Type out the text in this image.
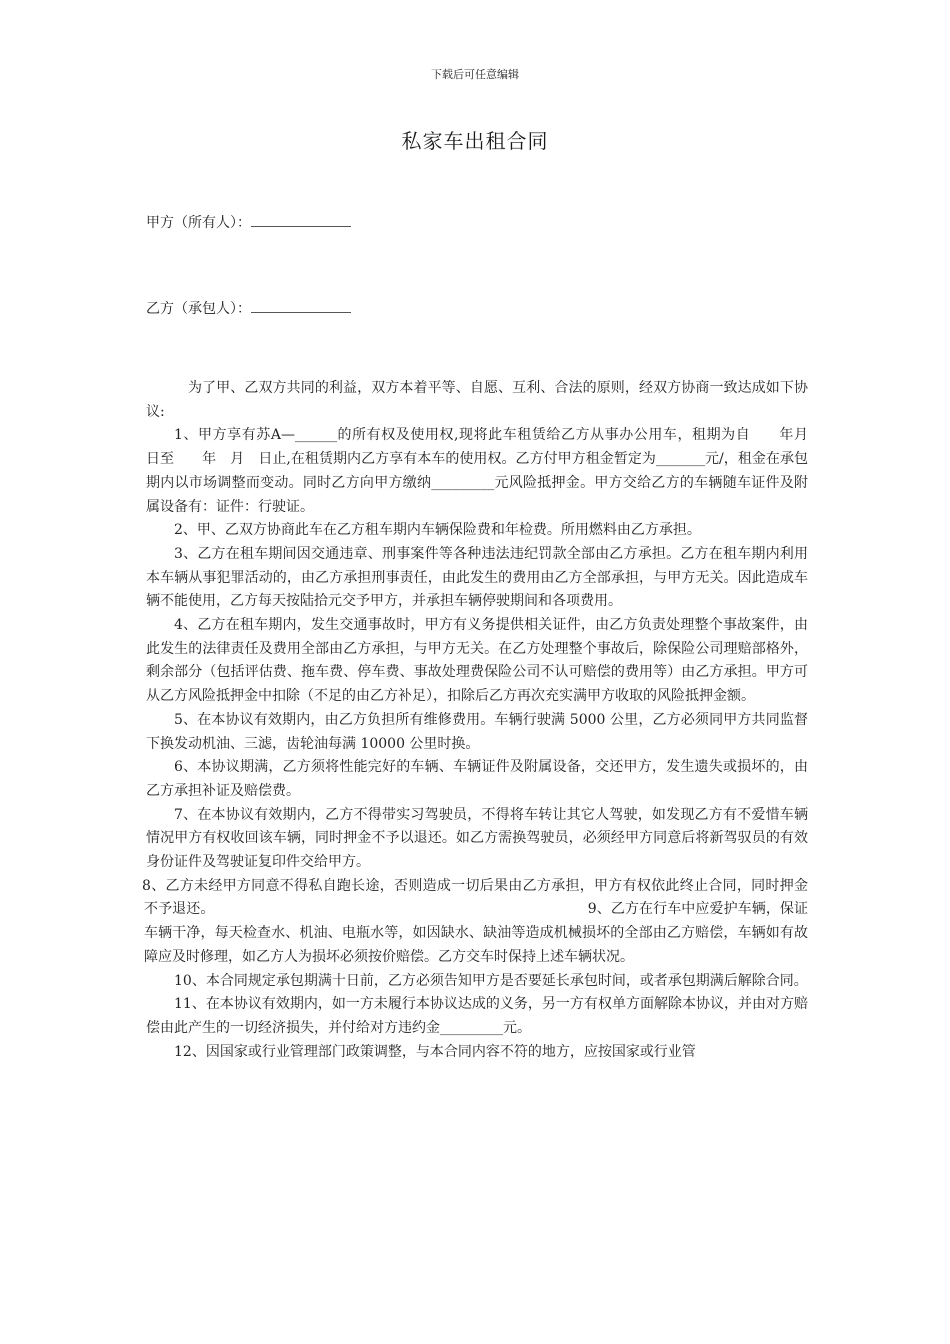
下载后可任意编辑
私家车出租合同
甲方（所有人）：
乙方（承包人）：

为了甲、乙双方共同的利益，双方本着平等、自愿、互利、合法的原则，经双方协商一致达成如下协议:

1、甲方享有苏A—______的所有权及使用权,现将此车租赁给乙方从事办公用车，租期为自　　年月　日至　　年　月　日止,在租赁期内乙方享有本车的使用权。乙方付甲方租金暂定为_______元/，租金在承包期内以市场调整而变动。同时乙方向甲方缴纳_________元风险抵押金。甲方交给乙方的车辆随车证件及附属设备有：证件：行驶证。

2、甲、乙双方协商此车在乙方租车期内车辆保险费和年检费。所用燃料由乙方承担。

3、乙方在租车期间因交通违章、刑事案件等各种违法违纪罚款全部由乙方承担。乙方在租车期内利用本车辆从事犯罪活动的，由乙方承担刑事责任，由此发生的费用由乙方全部承担，与甲方无关。因此造成车辆不能使用，乙方每天按陆拾元交予甲方，并承担车辆停驶期间和各项费用。

4、乙方在租车期内，发生交通事故时，甲方有义务提供相关证件，由乙方负责处理整个事故案件，由此发生的法律责任及费用全部由乙方承担，与甲方无关。在乙方处理整个事故后，除保险公司理赔部格外，剩余部分（包括评估费、拖车费、停车费、事故处理费保险公司不认可赔偿的费用等）由乙方承担。甲方可从乙方风险抵押金中扣除（不足的由乙方补足），扣除后乙方再次充实满甲方收取的风险抵押金额。

5、在本协议有效期内，由乙方负担所有维修费用。车辆行驶满 5000 公里，乙方必须同甲方共同监督下换发动机油、三滤，齿轮油每满 10000 公里时换。

6、本协议期满，乙方须将性能完好的车辆、车辆证件及附属设备，交还甲方，发生遗失或损坏的，由乙方承担补证及赔偿费。

7、在本协议有效期内，乙方不得带实习驾驶员，不得将车转让其它人驾驶，如发现乙方有不爱惜车辆情况甲方有权收回该车辆，同时押金不予以退还。如乙方需换驾驶员，必须经甲方同意后将新驾驭员的有效身份证件及驾驶证复印件交给甲方。

8、乙方未经甲方同意不得私自跑长途，否则造成一切后果由乙方承担，甲方有权依此终止合同，同时押金不予退还。　　　　　　　　　　　　　　　　　　　　　　　　　　　9、乙方在行车中应爱护车辆，保证车辆干净，每天检查水、机油、电瓶水等，如因缺水、缺油等造成机械损坏的全部由乙方赔偿，车辆如有故障应及时修理，如乙方人为损坏必须按价赔偿。乙方交车时保持上述车辆状况。

10、本合同规定承包期满十日前，乙方必须告知甲方是否要延长承包时间，或者承包期满后解除合同。

11、在本协议有效期内，如一方未履行本协议达成的义务，另一方有权单方面解除本协议，并由对方赔偿由此产生的一切经济损失，并付给对方违约金_________元。

12、因国家或行业管理部门政策调整，与本合同内容不符的地方，应按国家或行业管
